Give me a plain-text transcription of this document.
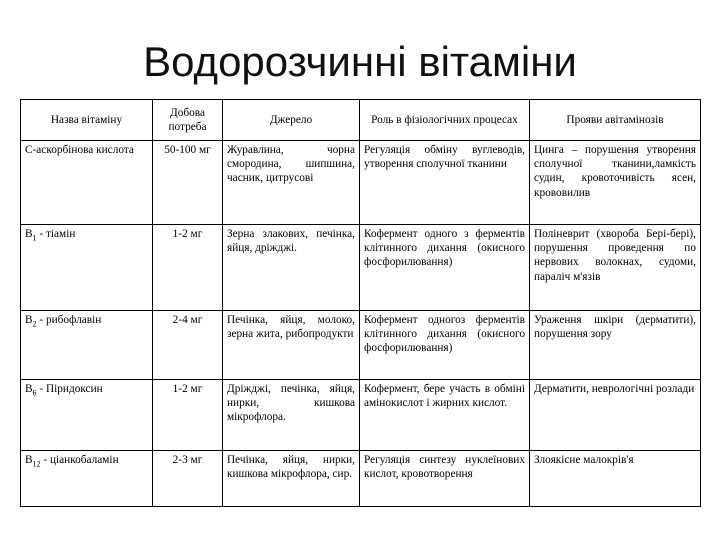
Водорозчинні вітаміни
Назва вітаміну	Добова потреба	Джерело	Роль в фізіологічних процесах	Прояви авітамінозів
С-аскорбінова кислота	50-100 мг	Журавлина, чорна смородина, шипшина, часник, цитрусові	Регуляція обміну вуглеводів, утворення сполучної тканини	Цинга – порушення утворення сполучної тканини,ламкість судин, кровоточивість ясен, крововилив
$B_1$ - тіамін	1-2 мг	Зерна злакових, печінка, яйця, дріжджі.	Кофермент одного з ферментів клітинного дихання (окисного фосфорилювання)	Поліневрит (хвороба Бері-бері), порушення проведення по нервових волокнах, судоми, параліч м'язів
$B_2$ - рибофлавін	2-4 мг	Печінка, яйця, молоко, зерна жита, рибопродукти	Кофермент одногоз ферментів клітинного дихання (окисного фосфорилювання)	Ураження шкіри (дерматити), порушення зору
$B_6$ - Піридоксин	1-2 мг	Дріжджі, печінка, яйця, нирки, кишкова мікрофлора.	Кофермент, бере участь в обміні амінокислот і жирних кислот.	Дерматити, неврологічні розлади
$B_{12}$ - ціанкобаламін	2-3 мг	Печінка, яйця, нирки, кишкова мікрофлора, сир.	Регуляція синтезу нуклеїнових кислот, кровотворення	Злоякісне малокрів'я
